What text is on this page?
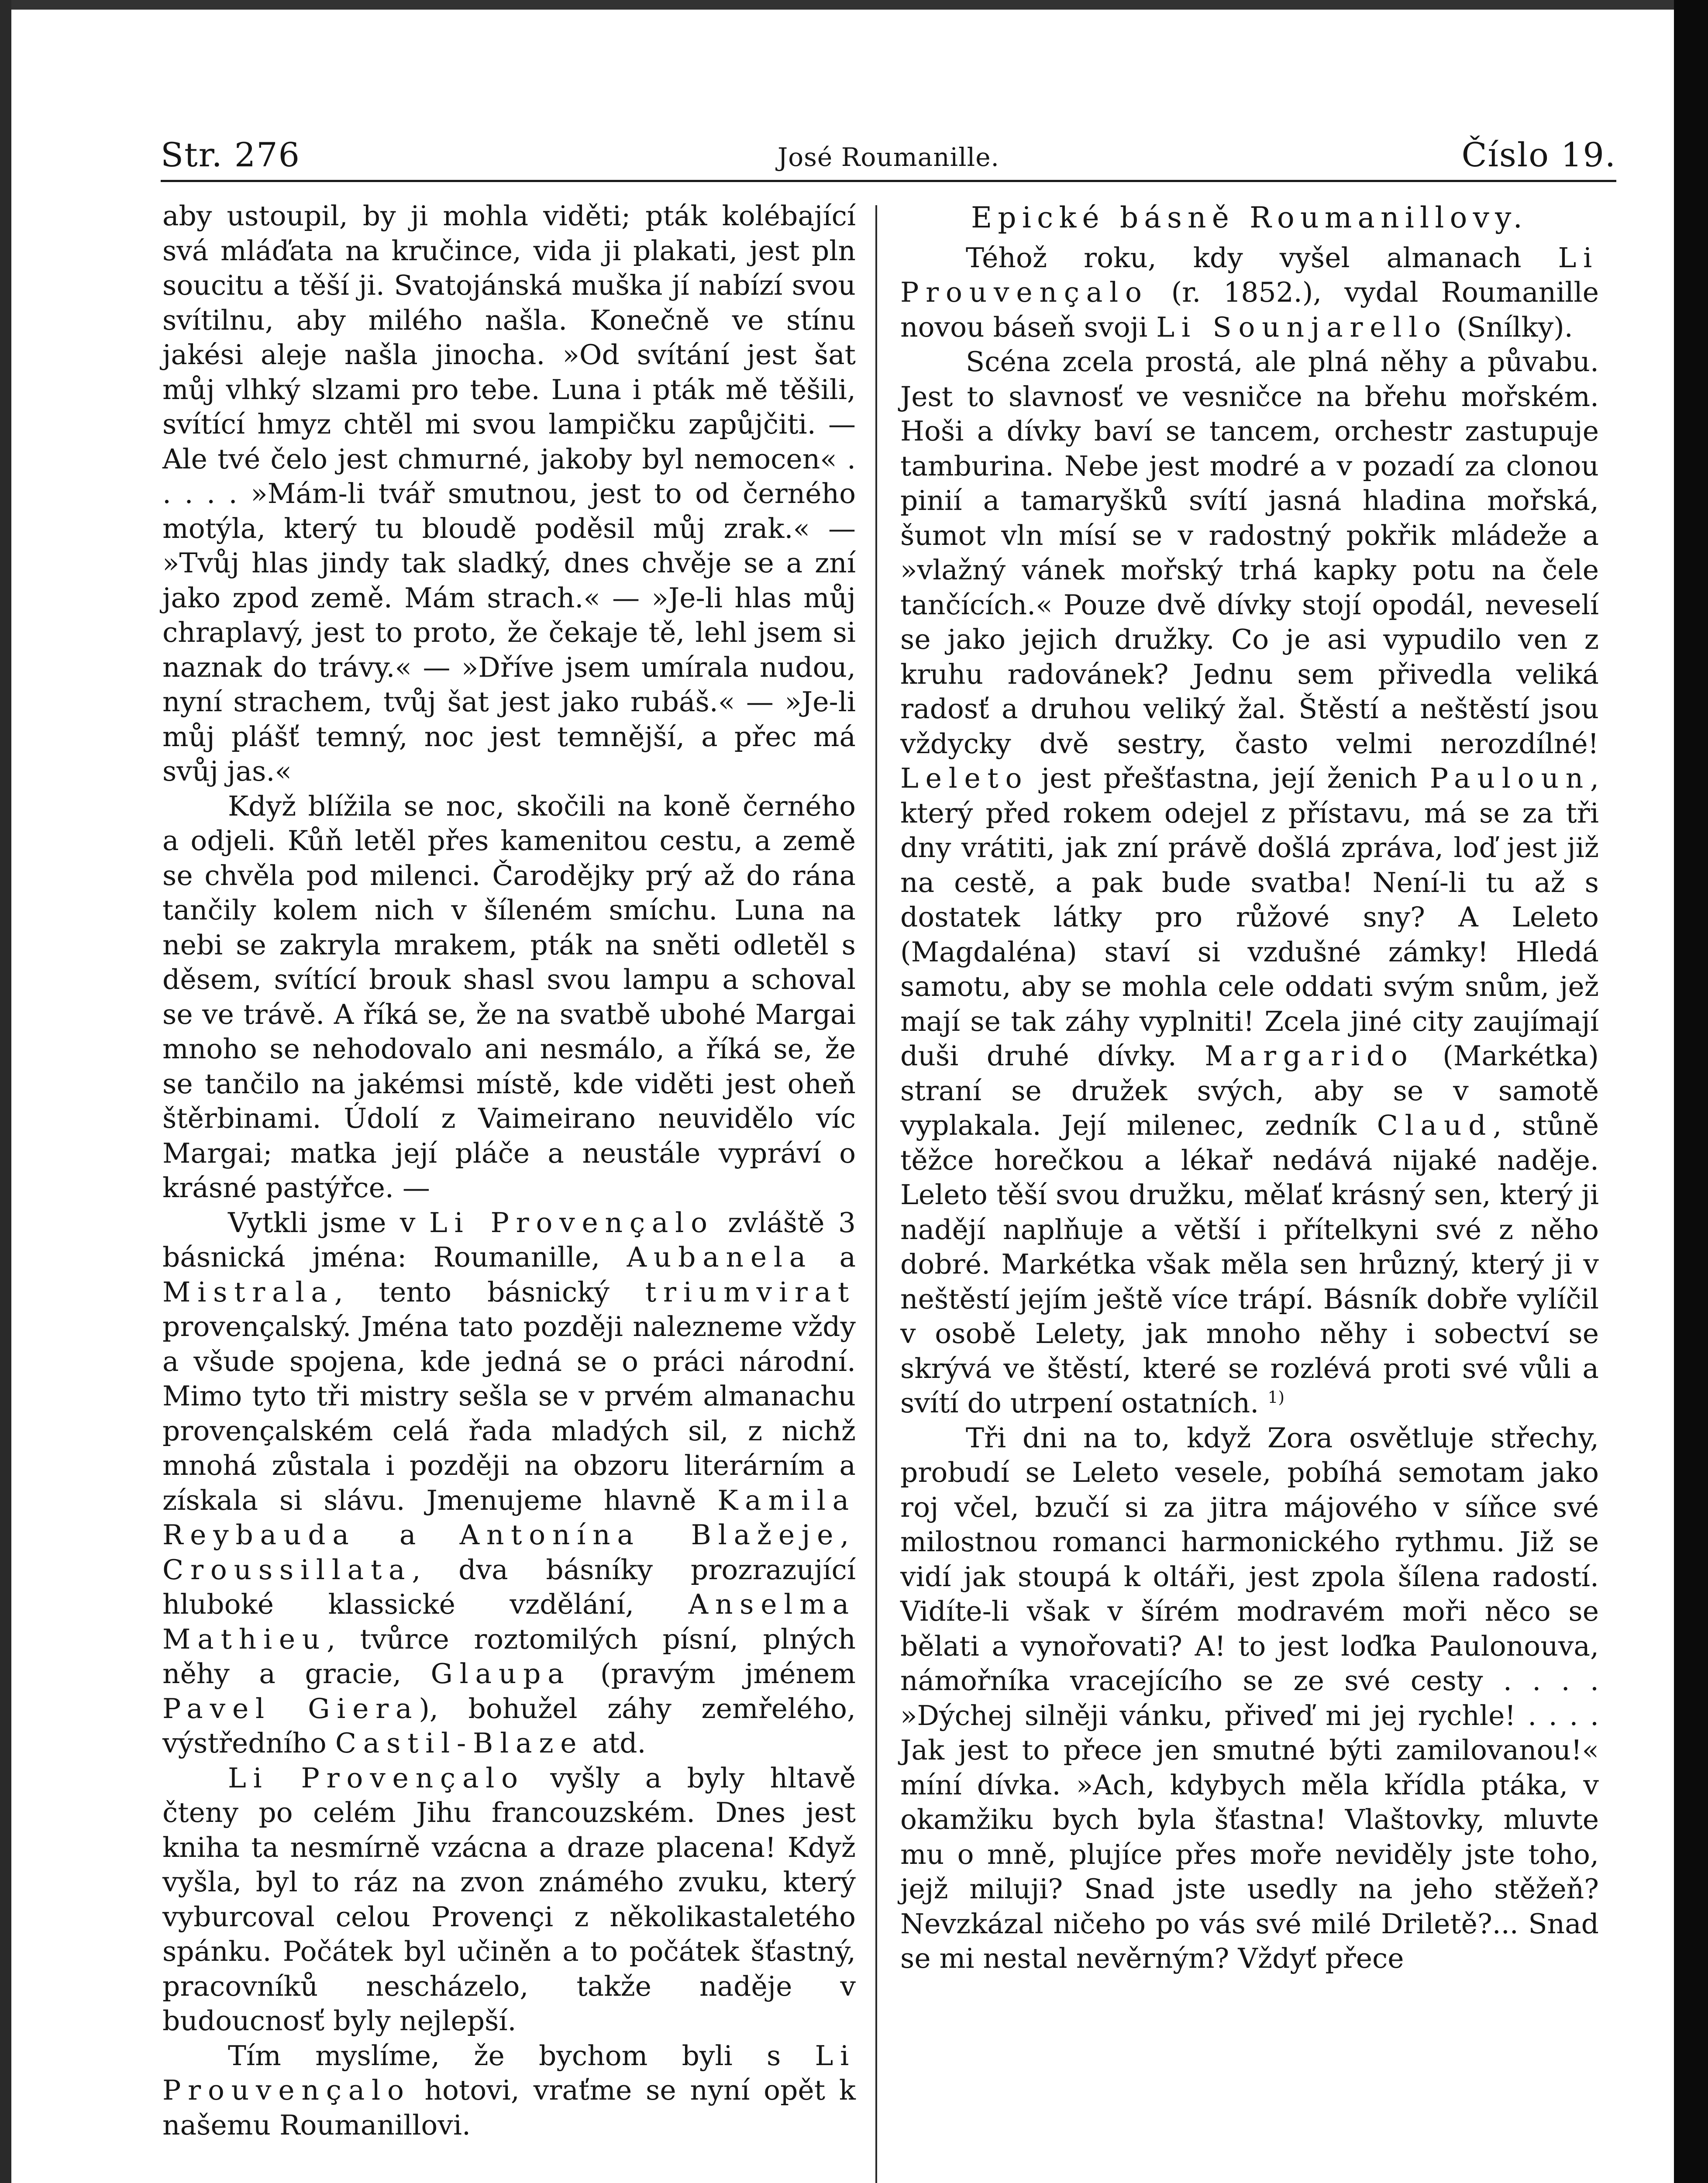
Str. 276	José Roumanille.	Číslo 19.

aby ustoupil, by ji mohla viděti; pták kolébající svá mláďata na kručince, vida ji plakati, jest pln soucitu a těší ji. Svatojánská muška jí nabízí svou svítilnu, aby milého našla. Konečně ve stínu jakési aleje našla jinocha. »Od svítání jest šat můj vlhký slzami pro tebe. Luna i pták mě těšili, svítící hmyz chtěl mi svou lampičku zapůjčiti. — Ale tvé čelo jest chmurné, jakoby byl nemocen« . . . . . »Mám-li tvář smutnou, jest to od černého motýla, který tu bloudě poděsil můj zrak.« — »Tvůj hlas jindy tak sladký, dnes chvěje se a zní jako zpod země. Mám strach.« — »Je-li hlas můj chraplavý, jest to proto, že čekaje tě, lehl jsem si naznak do trávy.« — »Dříve jsem umírala nudou, nyní strachem, tvůj šat jest jako rubáš.« — »Je-li můj plášť temný, noc jest temnější, a přec má svůj jas.«

Když blížila se noc, skočili na koně černého a odjeli. Kůň letěl přes kamenitou cestu, a země se chvěla pod milenci. Čarodějky prý až do rána tančily kolem nich v šíleném smíchu. Luna na nebi se zakryla mrakem, pták na sněti odletěl s děsem, svítící brouk shasl svou lampu a schoval se ve trávě. A říká se, že na svatbě ubohé Margai mnoho se nehodovalo ani nesmálo, a říká se, že se tančilo na jakémsi místě, kde viděti jest oheň štěrbinami. Údolí z Vaimeirano neuvidělo víc Margai; matka její pláče a neustále vypráví o krásné pastýřce. —

Vytkli jsme v Li Provençalo zvláště 3 básnická jména: Roumanille, Aubanela a Mistrala, tento básnický triumvirat provençalský. Jména tato později nalezneme vždy a všude spojena, kde jedná se o práci národní. Mimo tyto tři mistry sešla se v prvém almanachu provençalském celá řada mladých sil, z nichž mnohá zůstala i později na obzoru literárním a získala si slávu. Jmenujeme hlavně Kamila Reybauda a Antonína Blažeje, Croussillata, dva básníky prozrazující hluboké klassické vzdělání, Anselma Mathieu, tvůrce roztomilých písní, plných něhy a gracie, Glaupa (pravým jménem Pavel Giera), bohužel záhy zemřelého, výstředního Castil-Blaze atd.

Li Provençalo vyšly a byly hltavě čteny po celém Jihu francouzském. Dnes jest kniha ta nesmírně vzácna a draze placena! Když vyšla, byl to ráz na zvon známého zvuku, který vyburcoval celou Provençi z několikastaletého spánku. Počátek byl učiněn a to počátek šťastný, pracovníků nescházelo, takže naděje v budoucnosť byly nejlepší.

Tím myslíme, že bychom byli s Li Prouvençalo hotovi, vraťme se nyní opět k našemu Roumanillovi.

Epické básně Roumanillovy.

Téhož roku, kdy vyšel almanach Li Prouvençalo (r. 1852.), vydal Roumanille novou báseň svoji Li Sounjarello (Snílky).

Scéna zcela prostá, ale plná něhy a půvabu. Jest to slavnosť ve vesničce na břehu mořském. Hoši a dívky baví se tancem, orchestr zastupuje tamburina. Nebe jest modré a v pozadí za clonou pinií a tamaryšků svítí jasná hladina mořská, šumot vln mísí se v radostný pokřik mládeže a »vlažný vánek mořský trhá kapky potu na čele tančících.« Pouze dvě dívky stojí opodál, neveselí se jako jejich družky. Co je asi vypudilo ven z kruhu radovánek? Jednu sem přivedla veliká radosť a druhou veliký žal. Štěstí a neštěstí jsou vždycky dvě sestry, často velmi nerozdílné! Leleto jest přešťastna, její ženich Pauloun, který před rokem odejel z přístavu, má se za tři dny vrátiti, jak zní právě došlá zpráva, loď jest již na cestě, a pak bude svatba! Není-li tu až s dostatek látky pro růžové sny? A Leleto (Magdaléna) staví si vzdušné zámky! Hledá samotu, aby se mohla cele oddati svým snům, jež mají se tak záhy vyplniti! Zcela jiné city zaujímají duši druhé dívky. Margarido (Markétka) straní se družek svých, aby se v samotě vyplakala. Její milenec, zedník Claud, stůně těžce horečkou a lékař nedává nijaké naděje. Leleto těší svou družku, mělať krásný sen, který ji nadějí naplňuje a větší i přítelkyni své z něho dobré. Markétka však měla sen hrůzný, který ji v neštěstí jejím ještě více trápí. Básník dobře vylíčil v osobě Lelety, jak mnoho něhy i sobectví se skrývá ve štěstí, které se rozlévá proti své vůli a svítí do utrpení ostatních. $^{1)}$

Tři dni na to, když Zora osvětluje střechy, probudí se Leleto vesele, pobíhá semotam jako roj včel, bzučí si za jitra májového v síňce své milostnou romanci harmonického rythmu. Již se vidí jak stoupá k oltáři, jest zpola šílena radostí. Vidíte-li však v šírém modravém moři něco se bělati a vynořovati? A! to jest loďka Paulonouva, námořníka vracejícího se ze své cesty . . . . »Dýchej silněji vánku, přiveď mi jej rychle! . . . . Jak jest to přece jen smutné býti zamilovanou!« míní dívka. »Ach, kdybych měla křídla ptáka, v okamžiku bych byla šťastna! Vlaštovky, mluvte mu o mně, plujíce přes moře neviděly jste toho, jejž miluji? Snad jste usedly na jeho stěžeň? Nevzkázal ničeho po vás své milé Driletě?... Snad se mi nestal nevěrným? Vždyť přece
